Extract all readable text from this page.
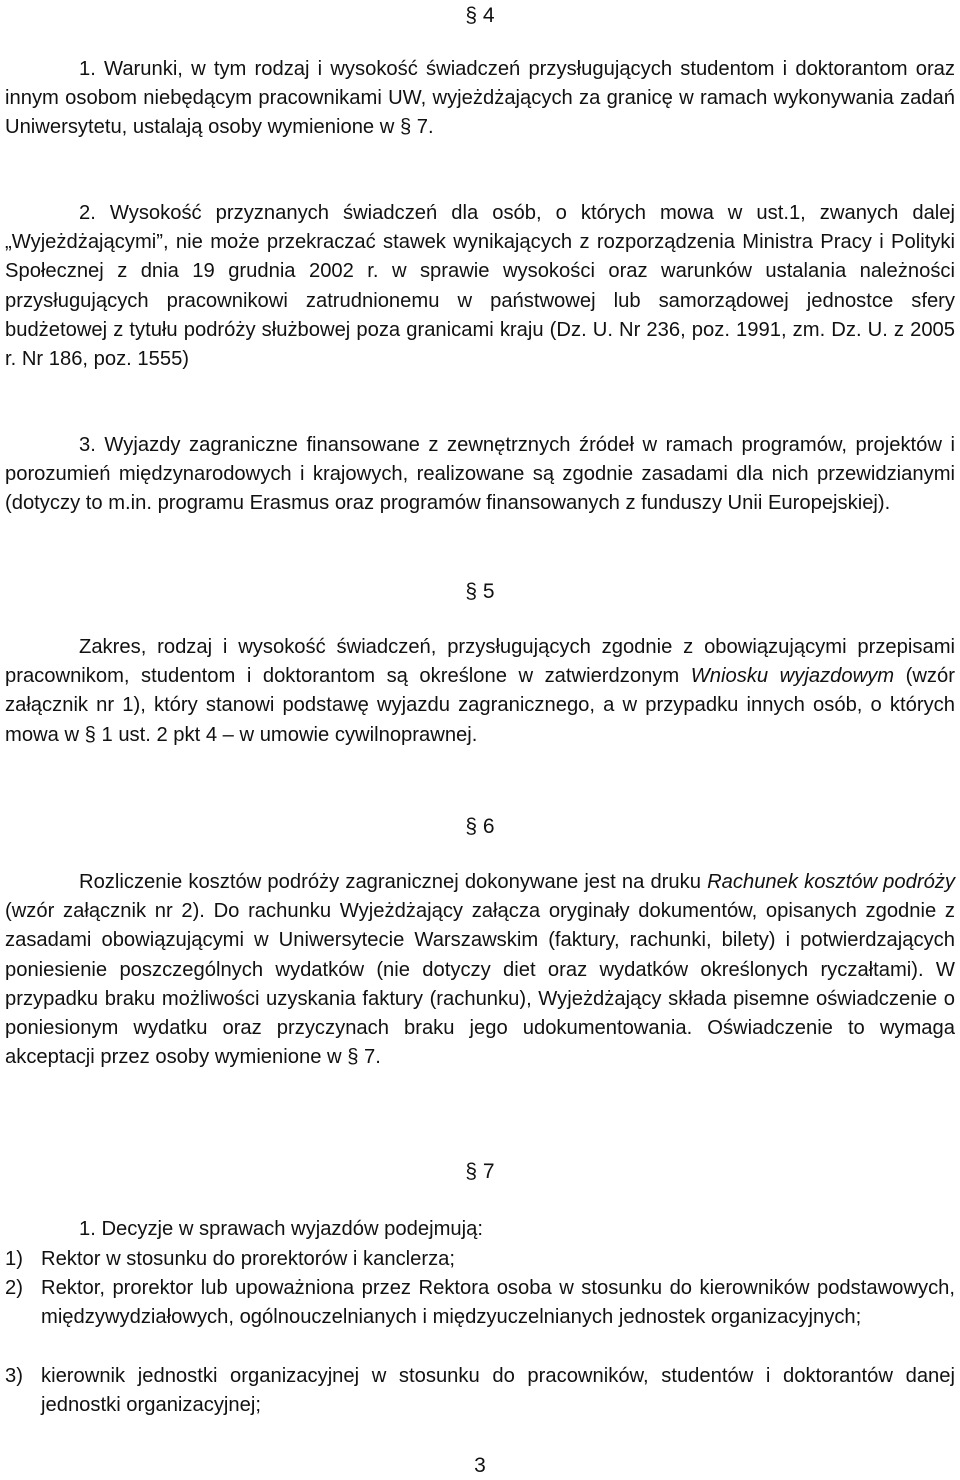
§ 4

1. Warunki, w tym rodzaj i wysokość świadczeń przysługujących studentom i doktorantom oraz innym osobom niebędącym pracownikami UW, wyjeżdżających za granicę w ramach wykonywania zadań Uniwersytetu, ustalają osoby wymienione w § 7.

2. Wysokość przyznanych świadczeń dla osób, o których mowa w ust.1, zwanych dalej „Wyjeżdżającymi”, nie może przekraczać stawek wynikających z rozporządzenia Ministra Pracy i Polityki Społecznej z dnia 19 grudnia 2002 r. w sprawie wysokości oraz warunków ustalania należności przysługujących pracownikowi zatrudnionemu w państwowej lub samorządowej jednostce sfery budżetowej z tytułu podróży służbowej poza granicami kraju (Dz. U. Nr 236, poz. 1991, zm. Dz. U. z 2005 r. Nr 186, poz. 1555)

3. Wyjazdy zagraniczne finansowane z zewnętrznych źródeł w ramach programów, projektów i porozumień międzynarodowych i krajowych, realizowane są zgodnie zasadami dla nich przewidzianymi (dotyczy to m.in. programu Erasmus oraz programów finansowanych z funduszy Unii Europejskiej).

§ 5

Zakres, rodzaj i wysokość świadczeń, przysługujących zgodnie z obowiązującymi przepisami pracownikom, studentom i doktorantom są określone w zatwierdzonym Wniosku wyjazdowym (wzór załącznik nr 1), który stanowi podstawę wyjazdu zagranicznego, a w przypadku innych osób, o których mowa w § 1 ust. 2 pkt 4 – w umowie cywilnoprawnej.

§ 6

Rozliczenie kosztów podróży zagranicznej dokonywane jest na druku Rachunek kosztów podróży (wzór załącznik nr 2). Do rachunku Wyjeżdżający załącza oryginały dokumentów, opisanych zgodnie z zasadami obowiązującymi w Uniwersytecie Warszawskim (faktury, rachunki, bilety) i potwierdzających poniesienie poszczególnych wydatków (nie dotyczy diet oraz wydatków określonych ryczałtami). W przypadku braku możliwości uzyskania faktury (rachunku), Wyjeżdżający składa pisemne oświadczenie o poniesionym wydatku oraz przyczynach braku jego udokumentowania. Oświadczenie to wymaga akceptacji przez osoby wymienione w § 7.

§ 7

1. Decyzje w sprawach wyjazdów podejmują:

1) Rektor w stosunku do prorektorów i kanclerza;
2) Rektor, prorektor lub upoważniona przez Rektora osoba w stosunku do kierowników podstawowych, międzywydziałowych, ogólnouczelnianych i międzyuczelnianych jednostek organizacyjnych;
3) kierownik jednostki organizacyjnej w stosunku do pracowników, studentów i doktorantów danej jednostki organizacyjnej;
3
